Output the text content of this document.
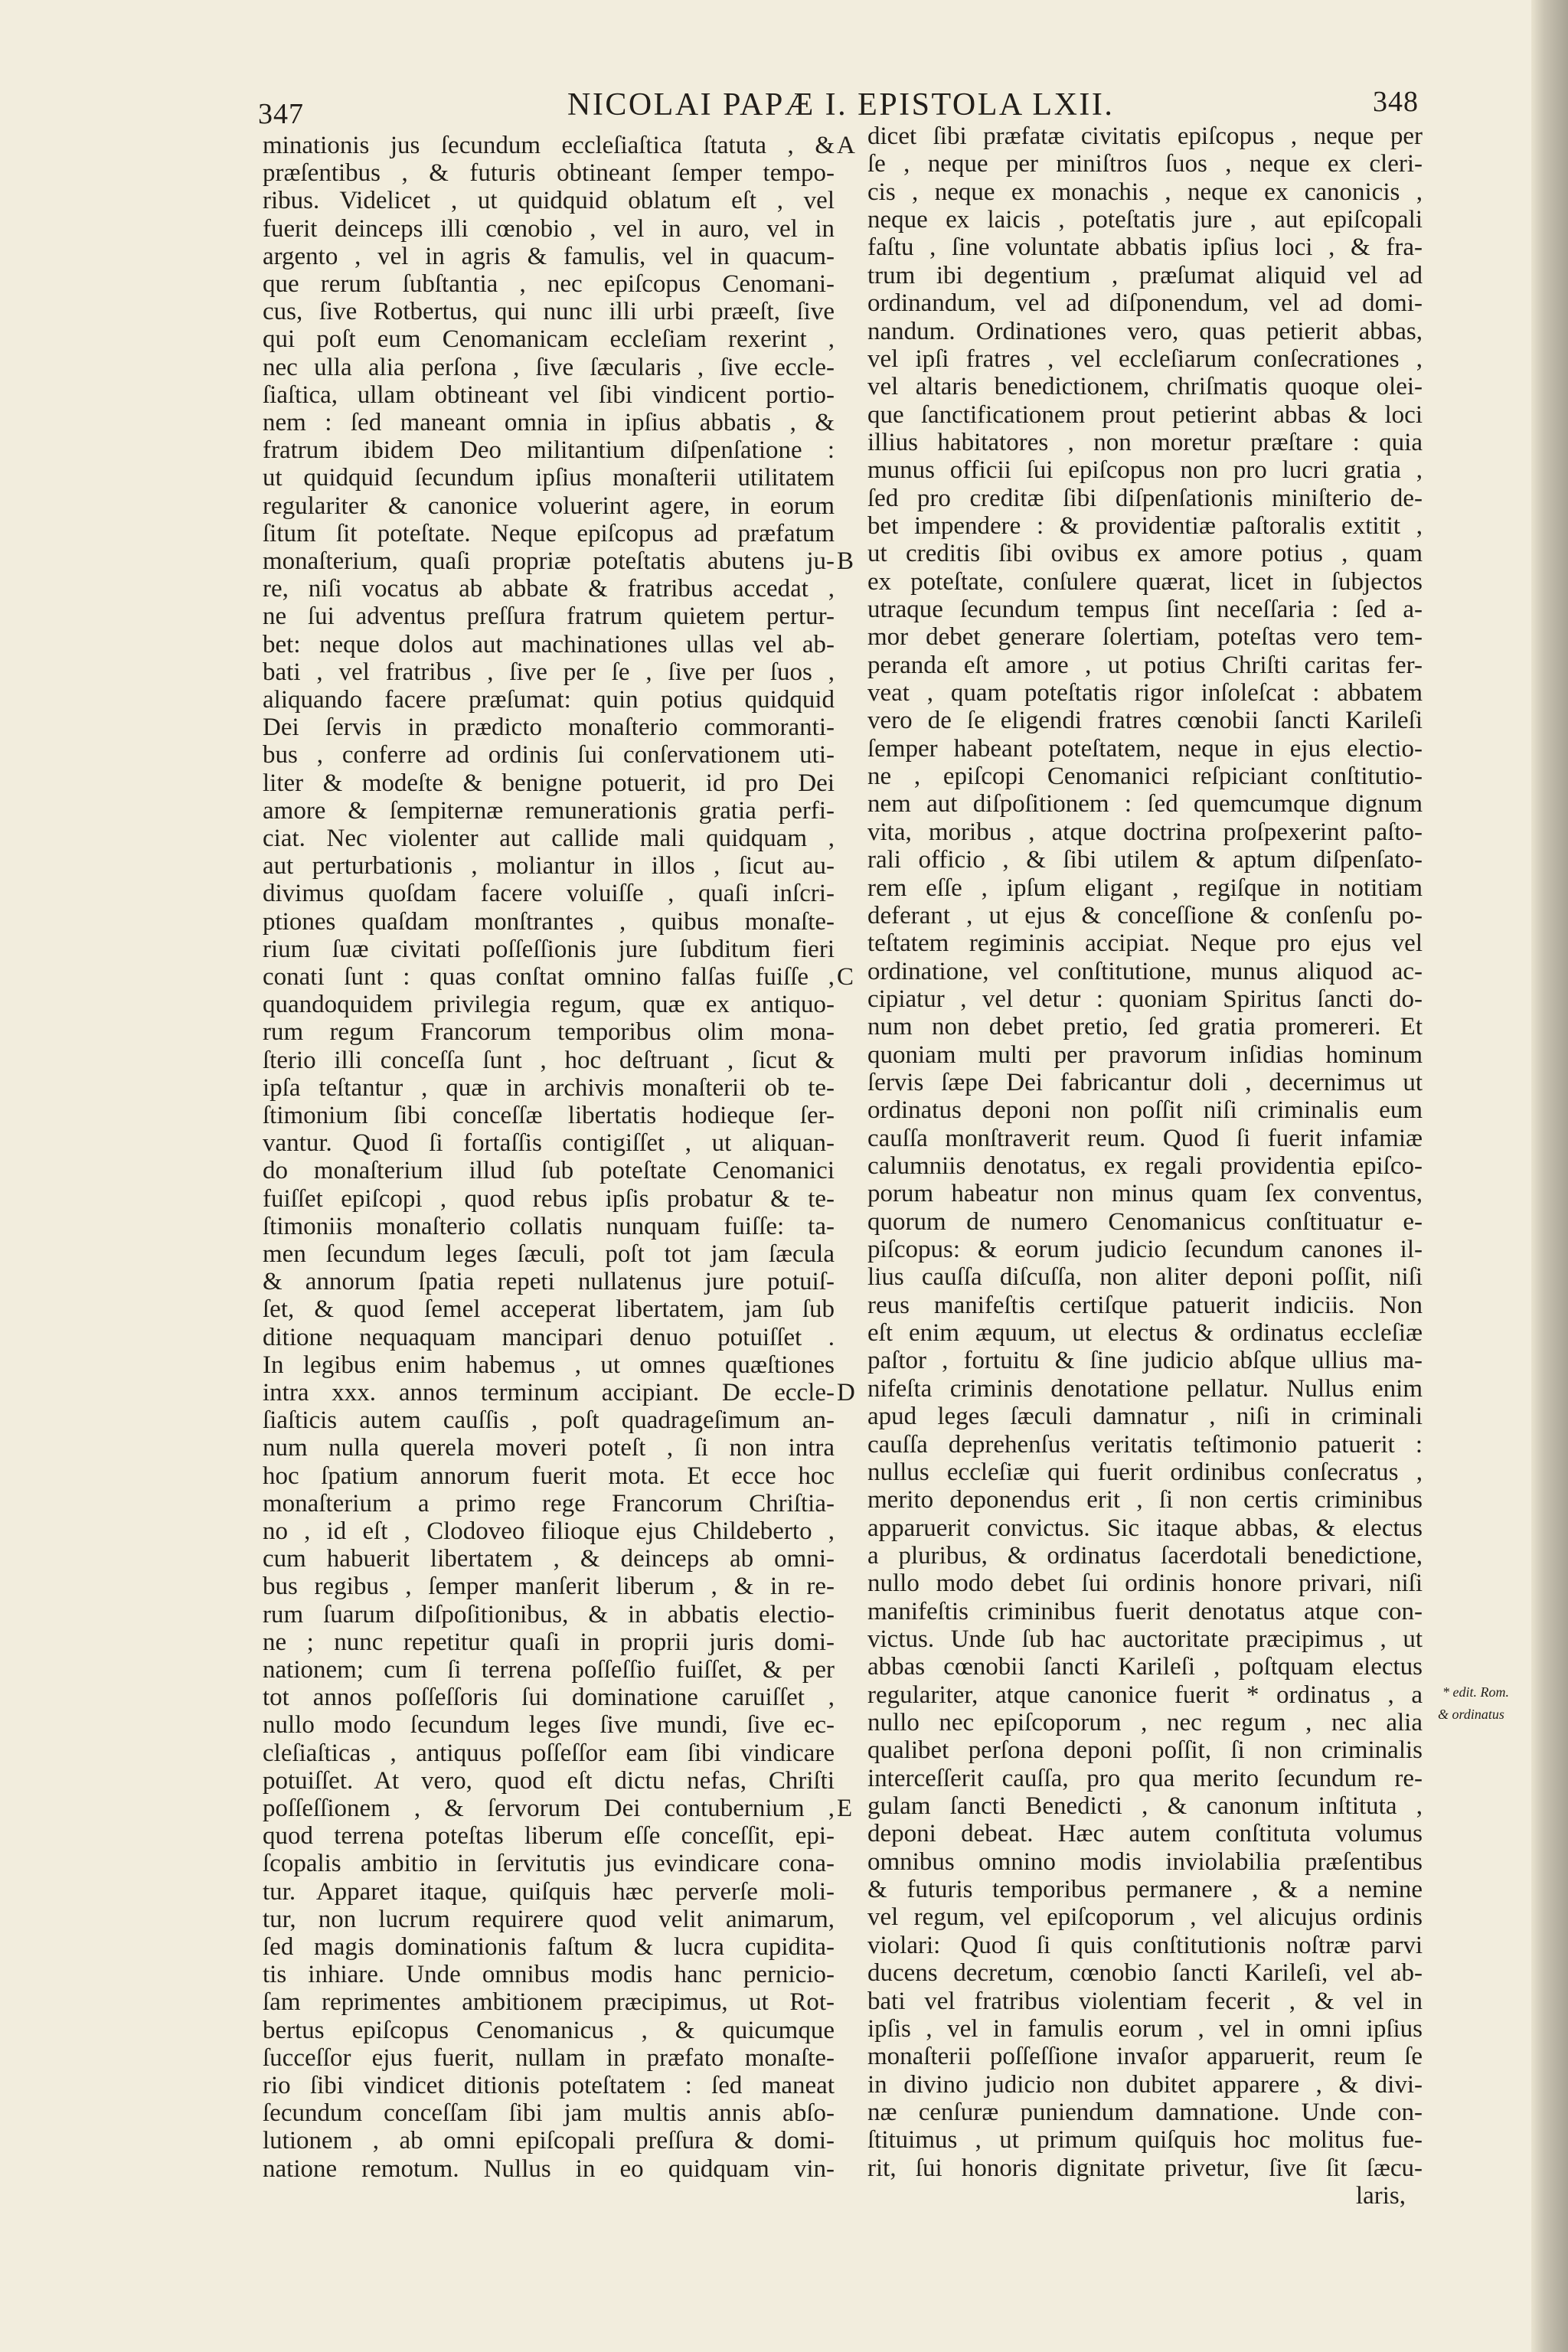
347	NICOLAI PAPÆ I. EPISTOLA LXII.	348
minationis jus ſecundum eccleſiaſtica ſtatuta , &
præſentibus , & futuris obtineant ſemper tempo-
ribus. Videlicet , ut quidquid oblatum eſt , vel
fuerit deinceps illi cœnobio , vel in auro, vel in
argento , vel in agris & famulis, vel in quacum-
que rerum ſubſtantia , nec epiſcopus Cenomani-
cus, ſive Rotbertus, qui nunc illi urbi præeſt, ſive
qui poſt eum Cenomanicam eccleſiam rexerint ,
nec ulla alia perſona , ſive ſæcularis , ſive eccle-
ſiaſtica, ullam obtineant vel ſibi vindicent portio-
nem : ſed maneant omnia in ipſius abbatis , &
fratrum ibidem Deo militantium diſpenſatione :
ut quidquid ſecundum ipſius monaſterii utilitatem
regulariter & canonice voluerint agere, in eorum
ſitum ſit poteſtate. Neque epiſcopus ad præfatum
monaſterium, quaſi propriæ poteſtatis abutens ju-
re, niſi vocatus ab abbate & fratribus accedat ,
ne ſui adventus preſſura fratrum quietem pertur-
bet: neque dolos aut machinationes ullas vel ab-
bati , vel fratribus , ſive per ſe , ſive per ſuos ,
aliquando facere præſumat: quin potius quidquid
Dei ſervis in prædicto monaſterio commoranti-
bus , conferre ad ordinis ſui conſervationem uti-
liter & modeſte & benigne potuerit, id pro Dei
amore & ſempiternæ remunerationis gratia perfi-
ciat. Nec violenter aut callide mali quidquam ,
aut perturbationis , moliantur in illos , ſicut au-
divimus quoſdam facere voluiſſe , quaſi inſcri-
ptiones quaſdam monſtrantes , quibus monaſte-
rium ſuæ civitati poſſeſſionis jure ſubditum fieri
conati ſunt : quas conſtat omnino falſas fuiſſe ,
quandoquidem privilegia regum, quæ ex antiquo-
rum regum Francorum temporibus olim mona-
ſterio illi conceſſa ſunt , hoc deſtruant , ſicut &
ipſa teſtantur , quæ in archivis monaſterii ob te-
ſtimonium ſibi conceſſæ libertatis hodieque ſer-
vantur. Quod ſi fortaſſis contigiſſet , ut aliquan-
do monaſterium illud ſub poteſtate Cenomanici
fuiſſet epiſcopi , quod rebus ipſis probatur & te-
ſtimoniis monaſterio collatis nunquam fuiſſe: ta-
men ſecundum leges ſæculi, poſt tot jam ſæcula
& annorum ſpatia repeti nullatenus jure potuiſ-
ſet, & quod ſemel acceperat libertatem, jam ſub
ditione nequaquam mancipari denuo potuiſſet .
In legibus enim habemus , ut omnes quæſtiones
intra xxx. annos terminum accipiant. De eccle-
ſiaſticis autem cauſſis , poſt quadrageſimum an-
num nulla querela moveri poteſt , ſi non intra
hoc ſpatium annorum fuerit mota. Et ecce hoc
monaſterium a primo rege Francorum Chriſtia-
no , id eſt , Clodoveo filioque ejus Childeberto ,
cum habuerit libertatem , & deinceps ab omni-
bus regibus , ſemper manſerit liberum , & in re-
rum ſuarum diſpoſitionibus, & in abbatis electio-
ne ; nunc repetitur quaſi in proprii juris domi-
nationem; cum ſi terrena poſſeſſio fuiſſet, & per
tot annos poſſeſſoris ſui dominatione caruiſſet ,
nullo modo ſecundum leges ſive mundi, ſive ec-
cleſiaſticas , antiquus poſſeſſor eam ſibi vindicare
potuiſſet. At vero, quod eſt dictu nefas, Chriſti
poſſeſſionem , & ſervorum Dei contubernium ,
quod terrena poteſtas liberum eſſe conceſſit, epi-
ſcopalis ambitio in ſervitutis jus evindicare cona-
tur. Apparet itaque, quiſquis hæc perverſe moli-
tur, non lucrum requirere quod velit animarum,
ſed magis dominationis faſtum & lucra cupidita-
tis inhiare. Unde omnibus modis hanc pernicio-
ſam reprimentes ambitionem præcipimus, ut Rot-
bertus epiſcopus Cenomanicus , & quicumque
ſucceſſor ejus fuerit, nullam in præfato monaſte-
rio ſibi vindicet ditionis poteſtatem : ſed maneat
ſecundum conceſſam ſibi jam multis annis abſo-
lutionem , ab omni epiſcopali preſſura & domi-
natione remotum. Nullus in eo quidquam vin-
dicet ſibi præfatæ civitatis epiſcopus , neque per
ſe , neque per miniſtros ſuos , neque ex cleri-
cis , neque ex monachis , neque ex canonicis ,
neque ex laicis , poteſtatis jure , aut epiſcopali
faſtu , ſine voluntate abbatis ipſius loci , & fra-
trum ibi degentium , præſumat aliquid vel ad
ordinandum, vel ad diſponendum, vel ad domi-
nandum. Ordinationes vero, quas petierit abbas,
vel ipſi fratres , vel eccleſiarum conſecrationes ,
vel altaris benedictionem, chriſmatis quoque olei-
que ſanctificationem prout petierint abbas & loci
illius habitatores , non moretur præſtare : quia
munus officii ſui epiſcopus non pro lucri gratia ,
ſed pro creditæ ſibi diſpenſationis miniſterio de-
bet impendere : & providentiæ paſtoralis extitit ,
ut creditis ſibi ovibus ex amore potius , quam
ex poteſtate, conſulere quærat, licet in ſubjectos
utraque ſecundum tempus ſint neceſſaria : ſed a-
mor debet generare ſolertiam, poteſtas vero tem-
peranda eſt amore , ut potius Chriſti caritas fer-
veat , quam poteſtatis rigor inſoleſcat : abbatem
vero de ſe eligendi fratres cœnobii ſancti Karileſi
ſemper habeant poteſtatem, neque in ejus electio-
ne , epiſcopi Cenomanici reſpiciant conſtitutio-
nem aut diſpoſitionem : ſed quemcumque dignum
vita, moribus , atque doctrina proſpexerint paſto-
rali officio , & ſibi utilem & aptum diſpenſato-
rem eſſe , ipſum eligant , regiſque in notitiam
deferant , ut ejus & conceſſione & conſenſu po-
teſtatem regiminis accipiat. Neque pro ejus vel
ordinatione, vel conſtitutione, munus aliquod ac-
cipiatur , vel detur : quoniam Spiritus ſancti do-
num non debet pretio, ſed gratia promereri. Et
quoniam multi per pravorum inſidias hominum
ſervis ſæpe Dei fabricantur doli , decernimus ut
ordinatus deponi non poſſit niſi criminalis eum
cauſſa monſtraverit reum. Quod ſi fuerit infamiæ
calumniis denotatus, ex regali providentia epiſco-
porum habeatur non minus quam ſex conventus,
quorum de numero Cenomanicus conſtituatur e-
piſcopus: & eorum judicio ſecundum canones il-
lius cauſſa diſcuſſa, non aliter deponi poſſit, niſi
reus manifeſtis certiſque patuerit indiciis. Non
eſt enim æquum, ut electus & ordinatus eccleſiæ
paſtor , fortuitu & ſine judicio abſque ullius ma-
nifeſta criminis denotatione pellatur. Nullus enim
apud leges ſæculi damnatur , niſi in criminali
cauſſa deprehenſus veritatis teſtimonio patuerit :
nullus eccleſiæ qui fuerit ordinibus conſecratus ,
merito deponendus erit , ſi non certis criminibus
apparuerit convictus. Sic itaque abbas, & electus
a pluribus, & ordinatus ſacerdotali benedictione,
nullo modo debet ſui ordinis honore privari, niſi
manifeſtis criminibus fuerit denotatus atque con-
victus. Unde ſub hac auctoritate præcipimus , ut
abbas cœnobii ſancti Karileſi , poſtquam electus
regulariter, atque canonice fuerit * ordinatus , a
nullo nec epiſcoporum , nec regum , nec alia
qualibet perſona deponi poſſit, ſi non criminalis
interceſſerit cauſſa, pro qua merito ſecundum re-
gulam ſancti Benedicti , & canonum inſtituta ,
deponi debeat. Hæc autem conſtituta volumus
omnibus omnino modis inviolabilia præſentibus
& futuris temporibus permanere , & a nemine
vel regum, vel epiſcoporum , vel alicujus ordinis
violari: Quod ſi quis conſtitutionis noſtræ parvi
ducens decretum, cœnobio ſancti Karileſi, vel ab-
bati vel fratribus violentiam fecerit , & vel in
ipſis , vel in famulis eorum , vel in omni ipſius
monaſterii poſſeſſione invaſor apparuerit, reum ſe
in divino judicio non dubitet apparere , & divi-
næ cenſuræ puniendum damnatione. Unde con-
ſtituimus , ut primum quiſquis hoc molitus fue-
rit, ſui honoris dignitate privetur, ſive ſit ſæcu-
laris,
A
B
C
D
E
* edit. Rom.
& ordinatus
